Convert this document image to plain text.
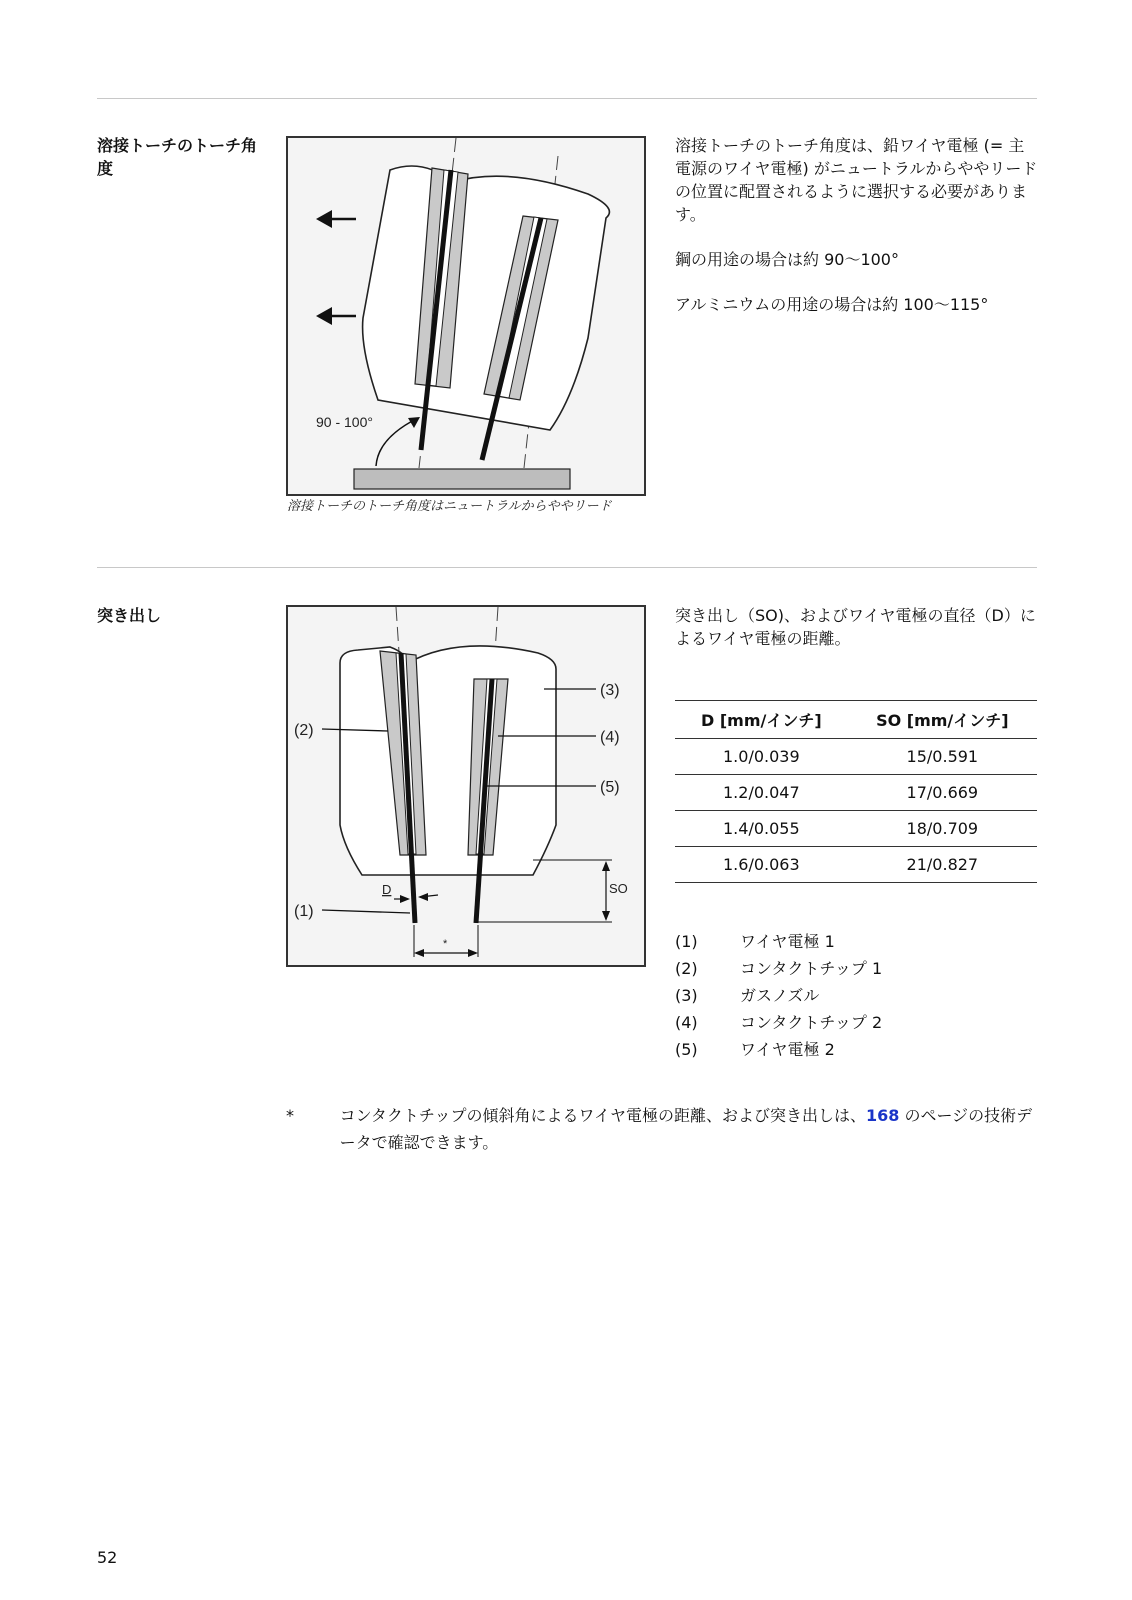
溶接トーチのトーチ角度
90 - 100°
溶接トーチのトーチ角度はニュートラルからややリード

溶接トーチのトーチ角度は、鉛ワイヤ電極 (= 主電源のワイヤ電極) がニュートラルからややリードの位置に配置されるように選択する必要があります。

鋼の用途の場合は約 90〜100°

アルミニウムの用途の場合は約 100〜115°

突き出し
(2)
(3)
(4)
(5)
(1)
D	SO
*
突き出し（SO)、およびワイヤ電極の直径（D）によるワイヤ電極の距離。
D [mm/インチ]	SO [mm/インチ]
1.0/0.039	15/0.591
1.2/0.047	17/0.669
1.4/0.055	18/0.709
1.6/0.063	21/0.827
(1)	ワイヤ電極 1
(2)	コンタクトチップ 1
(3)	ガスノズル
(4)	コンタクトチップ 2
(5)	ワイヤ電極 2
*	コンタクトチップの傾斜角によるワイヤ電極の距離、および突き出しは、168 のページの技術データで確認できます。
52
